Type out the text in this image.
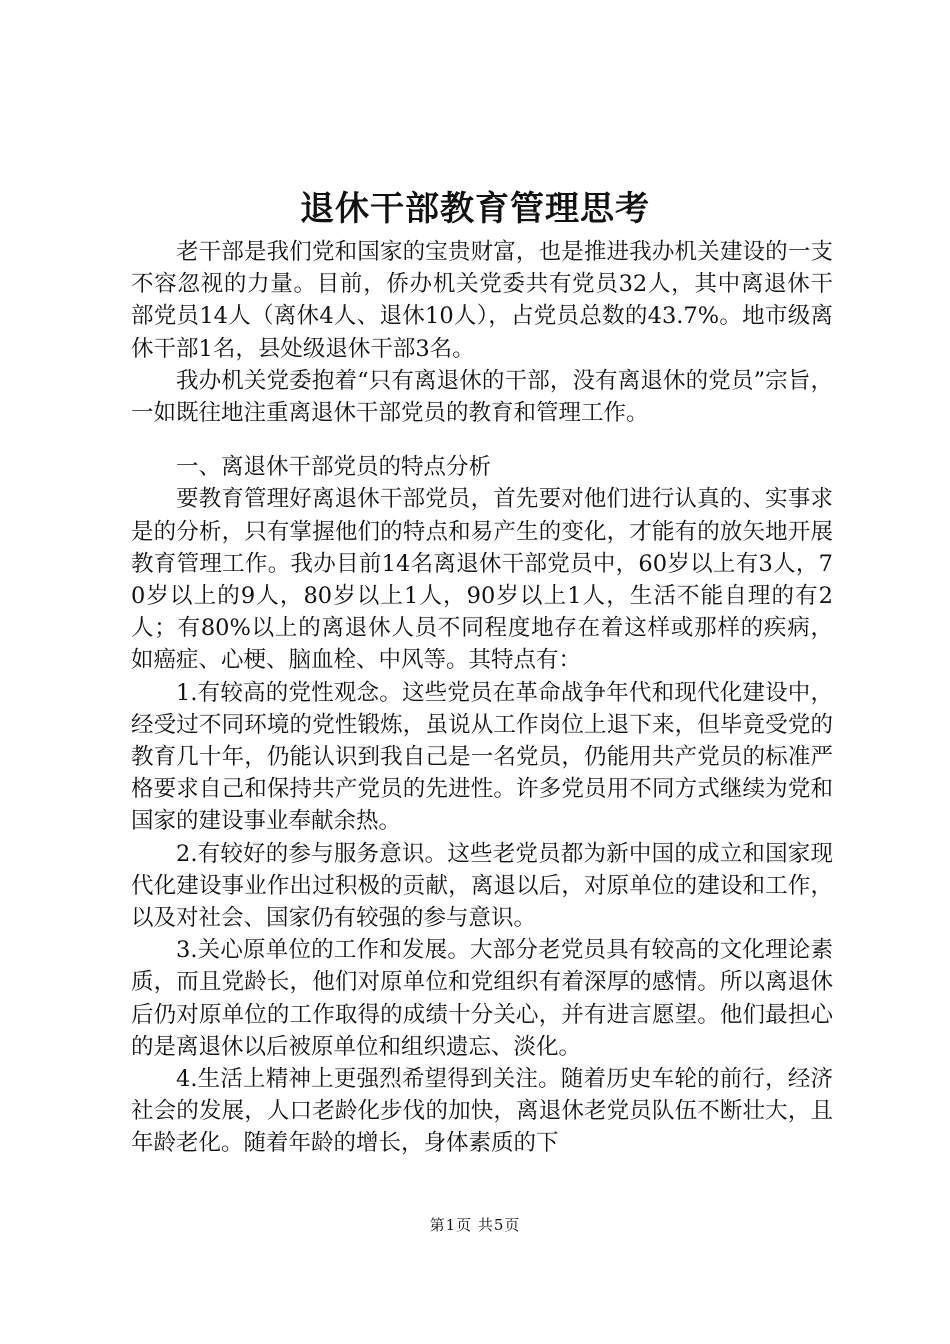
退休干部教育管理思考

老干部是我们党和国家的宝贵财富，也是推进我办机关建设的一支不容忽视的力量。目前，侨办机关党委共有党员32人，其中离退休干部党员14人（离休4人、退休10人），占党员总数的43.7%。地市级离休干部1名，县处级退休干部3名。

我办机关党委抱着“只有离退休的干部，没有离退休的党员”宗旨，一如既往地注重离退休干部党员的教育和管理工作。

一、离退休干部党员的特点分析

要教育管理好离退休干部党员，首先要对他们进行认真的、实事求是的分析，只有掌握他们的特点和易产生的变化，才能有的放矢地开展教育管理工作。我办目前14名离退休干部党员中，60岁以上有3人，70岁以上的9人，80岁以上1人，90岁以上1人，生活不能自理的有2人；有80%以上的离退休人员不同程度地存在着这样或那样的疾病，如癌症、心梗、脑血栓、中风等。其特点有：

1.有较高的党性观念。这些党员在革命战争年代和现代化建设中，经受过不同环境的党性锻炼，虽说从工作岗位上退下来，但毕竟受党的教育几十年，仍能认识到我自己是一名党员，仍能用共产党员的标准严格要求自己和保持共产党员的先进性。许多党员用不同方式继续为党和国家的建设事业奉献余热。

2.有较好的参与服务意识。这些老党员都为新中国的成立和国家现代化建设事业作出过积极的贡献，离退以后，对原单位的建设和工作，以及对社会、国家仍有较强的参与意识。

3.关心原单位的工作和发展。大部分老党员具有较高的文化理论素质，而且党龄长，他们对原单位和党组织有着深厚的感情。所以离退休后仍对原单位的工作取得的成绩十分关心，并有进言愿望。他们最担心的是离退休以后被原单位和组织遗忘、淡化。

4.生活上精神上更强烈希望得到关注。随着历史车轮的前行，经济社会的发展，人口老龄化步伐的加快，离退休老党员队伍不断壮大，且年龄老化。随着年龄的增长，身体素质的下

第1页 共5页
